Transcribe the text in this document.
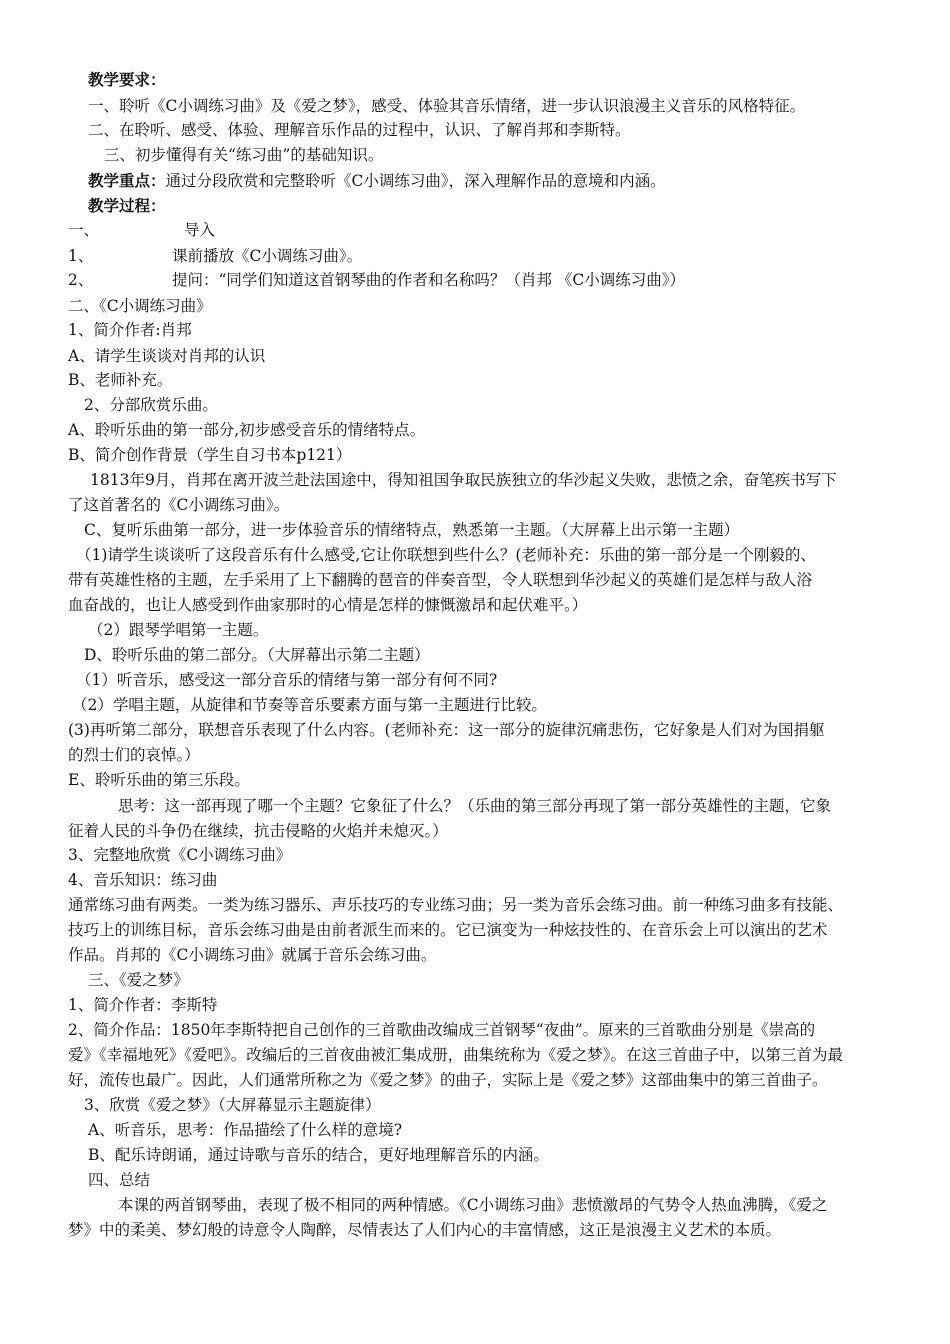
教学要求：
一、聆听《C小调练习曲》及《爱之梦》，感受、体验其音乐情绪，进一步认识浪漫主义音乐的风格特征。
二、在聆听、感受、体验、理解音乐作品的过程中，认识、了解肖邦和李斯特。
三、初步懂得有关“练习曲”的基础知识。
教学重点：通过分段欣赏和完整聆听《C小调练习曲》，深入理解作品的意境和内涵。
教学过程：
一、	导入
1、	课前播放《C小调练习曲》。
2、	提问：“同学们知道这首钢琴曲的作者和名称吗？（肖邦 《C小调练习曲》）
二、《C小调练习曲》
1、简介作者:肖邦
A、请学生谈谈对肖邦的认识
B、老师补充。
2、分部欣赏乐曲。
A、聆听乐曲的第一部分,初步感受音乐的情绪特点。
B、简介创作背景（学生自习书本p121）
1813年9月，肖邦在离开波兰赴法国途中，得知祖国争取民族独立的华沙起义失败，悲愤之余，奋笔疾书写下
了这首著名的《C小调练习曲》。
C、复听乐曲第一部分，进一步体验音乐的情绪特点，熟悉第一主题。（大屏幕上出示第一主题）
（1)请学生谈谈听了这段音乐有什么感受,它让你联想到些什么？(老师补充：乐曲的第一部分是一个刚毅的、
带有英雄性格的主题，左手采用了上下翻腾的琶音的伴奏音型，令人联想到华沙起义的英雄们是怎样与敌人浴
血奋战的，也让人感受到作曲家那时的心情是怎样的慷慨激昂和起伏难平。）
（2）跟琴学唱第一主题。
D、聆听乐曲的第二部分。（大屏幕出示第二主题）
（1）听音乐，感受这一部分音乐的情绪与第一部分有何不同?
（2）学唱主题，从旋律和节奏等音乐要素方面与第一主题进行比较。
(3)再听第二部分，联想音乐表现了什么内容。(老师补充：这一部分的旋律沉痛悲伤，它好象是人们对为国捐躯
的烈士们的哀悼。）
E、聆听乐曲的第三乐段。
思考：这一部再现了哪一个主题？它象征了什么？（乐曲的第三部分再现了第一部分英雄性的主题，它象
征着人民的斗争仍在继续，抗击侵略的火焰并未熄灭。）
3、完整地欣赏《C小调练习曲》
4、音乐知识：练习曲
通常练习曲有两类。一类为练习器乐、声乐技巧的专业练习曲；另一类为音乐会练习曲。前一种练习曲多有技能、
技巧上的训练目标，音乐会练习曲是由前者派生而来的。它已演变为一种炫技性的、在音乐会上可以演出的艺术
作品。肖邦的《C小调练习曲》就属于音乐会练习曲。
三、《爱之梦》
1、简介作者：李斯特
2、简介作品：1850年李斯特把自己创作的三首歌曲改编成三首钢琴“夜曲”。原来的三首歌曲分别是《崇高的
爱》《幸福地死》《爱吧》。改编后的三首夜曲被汇集成册，曲集统称为《爱之梦》。在这三首曲子中，以第三首为最
好，流传也最广。因此，人们通常所称之为《爱之梦》的曲子，实际上是《爱之梦》这部曲集中的第三首曲子。
3、欣赏《爱之梦》（大屏幕显示主题旋律）
A、听音乐，思考：作品描绘了什么样的意境?
B、配乐诗朗诵，通过诗歌与音乐的结合，更好地理解音乐的内涵。
四、总结
本课的两首钢琴曲，表现了极不相同的两种情感。《C小调练习曲》悲愤激昂的气势令人热血沸腾，《爱之
梦》中的柔美、梦幻般的诗意令人陶醉，尽情表达了人们内心的丰富情感，这正是浪漫主义艺术的本质。
